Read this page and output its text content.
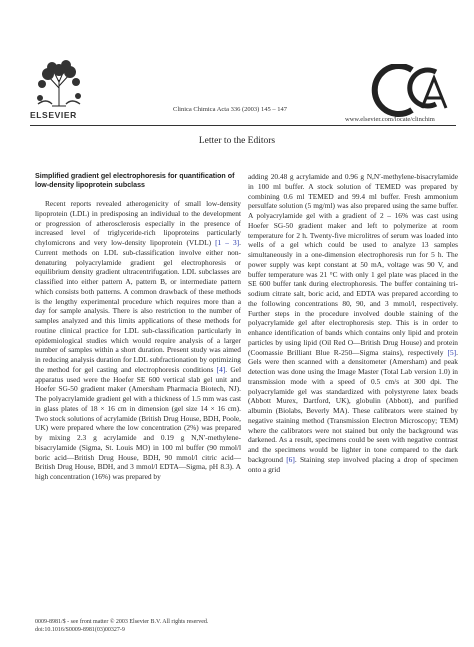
ELSEVIER
Clinica Chimica Acta 336 (2003) 145 – 147
www.elsevier.com/locate/clinchim
Letter to the Editors
Simplified gradient gel electrophoresis for quantification of low-density lipoprotein subclass

Recent reports revealed atherogenicity of small low-density lipoprotein (LDL) in predisposing an individual to the development or progression of atherosclerosis especially in the presence of increased level of triglyceride-rich lipoproteins particularly chylomicrons and very low-density lipoprotein (VLDL) [1 – 3]. Current methods on LDL sub-classification involve either non-denaturing polyacrylamide gradient gel electrophoresis or equilibrium density gradient ultracentrifugation. LDL subclasses are classified into either pattern A, pattern B, or intermediate pattern which consists both patterns. A common drawback of these methods is the lengthy experimental procedure which requires more than a day for sample analysis. There is also restriction to the number of samples analyzed and this limits applications of these methods for routine clinical practice for LDL sub-classification particularly in epidemiological studies which would require analysis of a larger number of samples within a short duration. Present study was aimed in reducing analysis duration for LDL subfractionation by optimizing the method for gel casting and electrophoresis conditions [4]. Gel apparatus used were the Hoefer SE 600 vertical slab gel unit and Hoefer SG-50 gradient maker (Amersham Pharmacia Biotech, NJ). The polyacrylamide gradient gel with a thickness of 1.5 mm was cast in glass plates of 18 × 16 cm in dimension (gel size 14 × 16 cm). Two stock solutions of acrylamide (British Drug House, BDH, Poole, UK) were prepared where the low concentration (2%) was prepared by mixing 2.3 g acrylamide and 0.19 g N,N′-methylene-bisacrylamide (Sigma, St. Louis MO) in 100 ml buffer (90 mmol/l boric acid—British Drug House, BDH, 90 mmol/l citric acid—British Drug House, BDH, and 3 mmol/l EDTA—Sigma, pH 8.3). A high concentration (16%) was prepared by

adding 20.48 g acrylamide and 0.96 g N,N′-methylene-bisacrylamide in 100 ml buffer. A stock solution of TEMED was prepared by combining 0.6 ml TEMED and 99.4 ml buffer. Fresh ammonium persulfate solution (5 mg/ml) was also prepared using the same buffer. A polyacrylamide gel with a gradient of 2 – 16% was cast using Hoefer SG-50 gradient maker and left to polymerize at room temperature for 2 h. Twenty-five microlitres of serum was loaded into wells of a gel which could be used to analyze 13 samples simultaneously in a one-dimension electrophoresis run for 5 h. The power supply was kept constant at 50 mA, voltage was 90 V, and buffer temperature was 21 °C with only 1 gel plate was placed in the SE 600 buffer tank during electrophoresis. The buffer containing tri-sodium citrate salt, boric acid, and EDTA was prepared according to the following concentrations 80, 90, and 3 mmol/l, respectively. Further steps in the procedure involved double staining of the polyacrylamide gel after electrophoresis step. This is in order to enhance identification of bands which contains only lipid and protein particles by using lipid (Oil Red O—British Drug House) and protein (Coomassie Brilliant Blue R-250—Sigma stains), respectively [5]. Gels were then scanned with a densitometer (Amersham) and peak detection was done using the Image Master (Total Lab version 1.0) in transmission mode with a speed of 0.5 cm/s at 300 dpi. The polyacrylamide gel was standardized with polystyrene latex beads (Abbott Murex, Dartford, UK), globulin (Abbott), and purified albumin (Biolabs, Beverly MA). These calibrators were stained by negative staining method (Transmission Electron Microscopy; TEM) where the calibrators were not stained but only the background was darkened. As a result, specimens could be seen with negative contrast and the specimens would be lighter in tone compared to the dark background [6]. Staining step involved placing a drop of specimen onto a grid

0009-8981/$ - see front matter © 2003 Elsevier B.V. All rights reserved.
doi:10.1016/S0009-8981(03)00327-9
